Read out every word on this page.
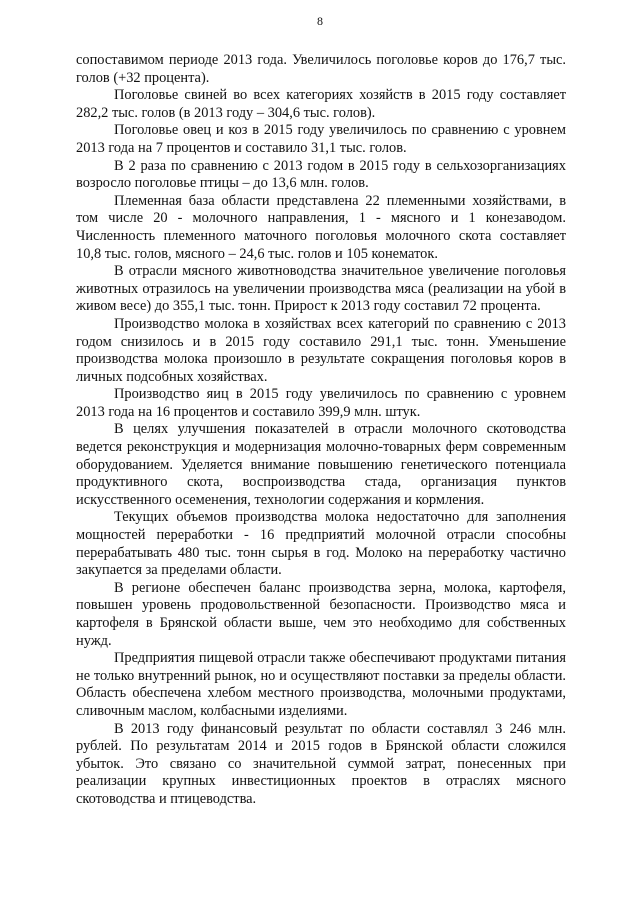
8

сопоставимом периоде 2013 года. Увеличилось поголовье коров до 176,7 тыс. голов (+32 процента).

Поголовье свиней во всех категориях хозяйств в 2015 году составляет 282,2 тыс. голов (в 2013 году – 304,6 тыс. голов).

Поголовье овец и коз в 2015 году увеличилось по сравнению с уровнем 2013 года на 7 процентов и составило 31,1 тыс. голов.

В 2 раза по сравнению с 2013 годом в 2015 году в сельхозорганизациях возросло поголовье птицы – до 13,6 млн. голов.

Племенная база области представлена 22 племенными хозяйствами, в том числе 20 - молочного направления, 1 - мясного и 1 конезаводом. Численность племенного маточного поголовья молочного скота составляет 10,8 тыс. голов, мясного – 24,6 тыс. голов и 105 конематок.

В отрасли мясного животноводства значительное увеличение поголовья животных отразилось на увеличении производства мяса (реализации на убой в живом весе) до 355,1 тыс. тонн. Прирост к 2013 году составил 72 процента.

Производство молока в хозяйствах всех категорий по сравнению с 2013 годом снизилось и в 2015 году составило 291,1 тыс. тонн. Уменьшение производства молока произошло в результате сокращения поголовья коров в личных подсобных хозяйствах.

Производство яиц в 2015 году увеличилось по сравнению с уровнем 2013 года на 16 процентов и составило 399,9 млн. штук.

В целях улучшения показателей в отрасли молочного скотоводства ведется реконструкция и модернизация молочно-товарных ферм современным оборудованием. Уделяется внимание повышению генетического потенциала продуктивного скота, воспроизводства стада, организация пунктов искусственного осеменения, технологии содержания и кормления.

Текущих объемов производства молока недостаточно для заполнения мощностей переработки - 16 предприятий молочной отрасли способны перерабатывать 480 тыс. тонн сырья в год. Молоко на переработку частично закупается за пределами области.

В регионе обеспечен баланс производства зерна, молока, картофеля, повышен уровень продовольственной безопасности. Производство мяса и картофеля в Брянской области выше, чем это необходимо для собственных нужд.

Предприятия пищевой отрасли также обеспечивают продуктами питания не только внутренний рынок, но и осуществляют поставки за пределы области. Область обеспечена хлебом местного производства, молочными продуктами, сливочным маслом, колбасными изделиями.

В 2013 году финансовый результат по области составлял 3 246 млн. рублей. По результатам 2014 и 2015 годов в Брянской области сложился убыток. Это связано со значительной суммой затрат, понесенных при реализации крупных инвестиционных проектов в отраслях мясного скотоводства и птицеводства.
